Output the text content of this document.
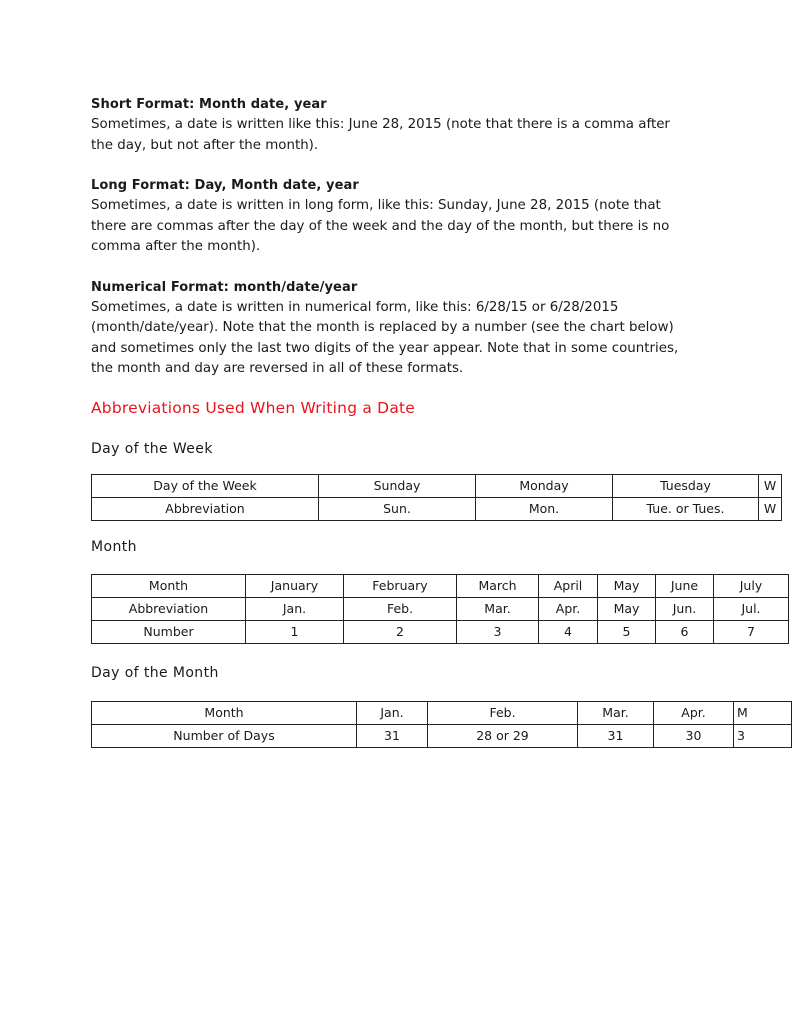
Short Format: Month date, year

Sometimes, a date is written like this: June 28, 2015 (note that there is a comma after the day, but not after the month).

Long Format: Day, Month date, year

Sometimes, a date is written in long form, like this: Sunday, June 28, 2015 (note that there are commas after the day of the week and the day of the month, but there is no comma after the month).

Numerical Format: month/date/year

Sometimes, a date is written in numerical form, like this: 6/28/15 or 6/28/2015 (month/date/year). Note that the month is replaced by a number (see the chart below) and sometimes only the last two digits of the year appear. Note that in some countries, the month and day are reversed in all of these formats.

Abbreviations Used When Writing a Date

Day of the Week

Day of the Week	Sunday	Monday	Tuesday	W
Abbreviation	Sun.	Mon.	Tue. or Tues.	W

Month

Month	January	February	March	April	May	June	July
Abbreviation	Jan.	Feb.	Mar.	Apr.	May	Jun.	Jul.
Number	1	2	3	4	5	6	7

Day of the Month

Month	Jan.	Feb.	Mar.	Apr.	M
Number of Days	31	28 or 29	31	30	3
